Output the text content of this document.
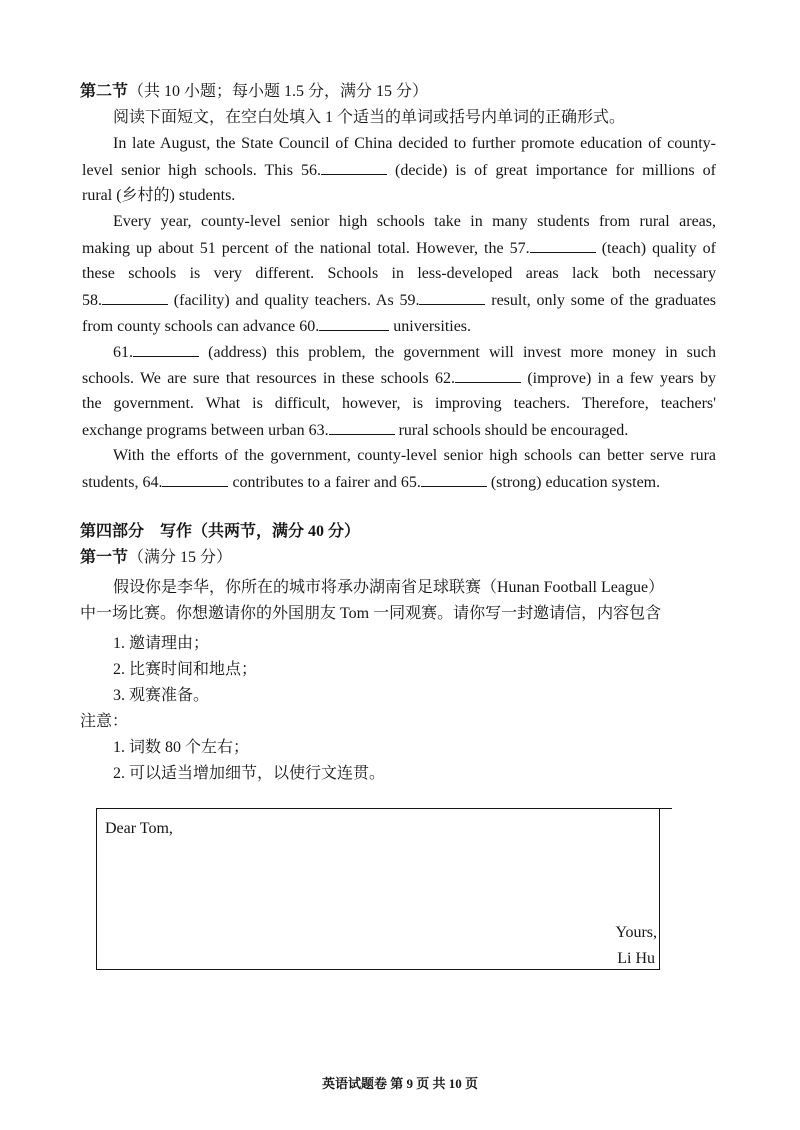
第二节（共 10 小题；每小题 1.5 分，满分 15 分）
阅读下面短文，在空白处填入 1 个适当的单词或括号内单词的正确形式。
In late August, the State Council of China decided to further promote education of county-
level senior high schools. This 56.	(decide) is of great importance for millions of
rural (乡村的) students.
Every year, county-level senior high schools take in many students from rural areas,
making up about 51 percent of the national total. However, the 57.	(teach) quality of
these schools is very different. Schools in less-developed areas lack both necessary
58.	(facility) and quality teachers. As 59.	result, only some of the graduates
from county schools can advance 60.	universities.
61.	(address) this problem, the government will invest more money in such
schools. We are sure that resources in these schools 62.	(improve) in a few years by
the government. What is difficult, however, is improving teachers. Therefore, teachers'
exchange programs between urban 63.	rural schools should be encouraged.
With the efforts of the government, county-level senior high schools can better serve rura
students, 64.	contributes to a fairer and 65.	(strong) education system.
第四部分　写作（共两节，满分 40 分）
第一节（满分 15 分）
假设你是李华，你所在的城市将承办湖南省足球联赛（Hunan Football League）
中一场比赛。你想邀请你的外国朋友 Tom 一同观赛。请你写一封邀请信，内容包含
1. 邀请理由；
2. 比赛时间和地点；
3. 观赛准备。
注意：
1. 词数 80 个左右；
2. 可以适当增加细节，以使行文连贯。
Dear Tom,
Yours,
Li Hu
英语试题卷 第 9 页 共 10 页
